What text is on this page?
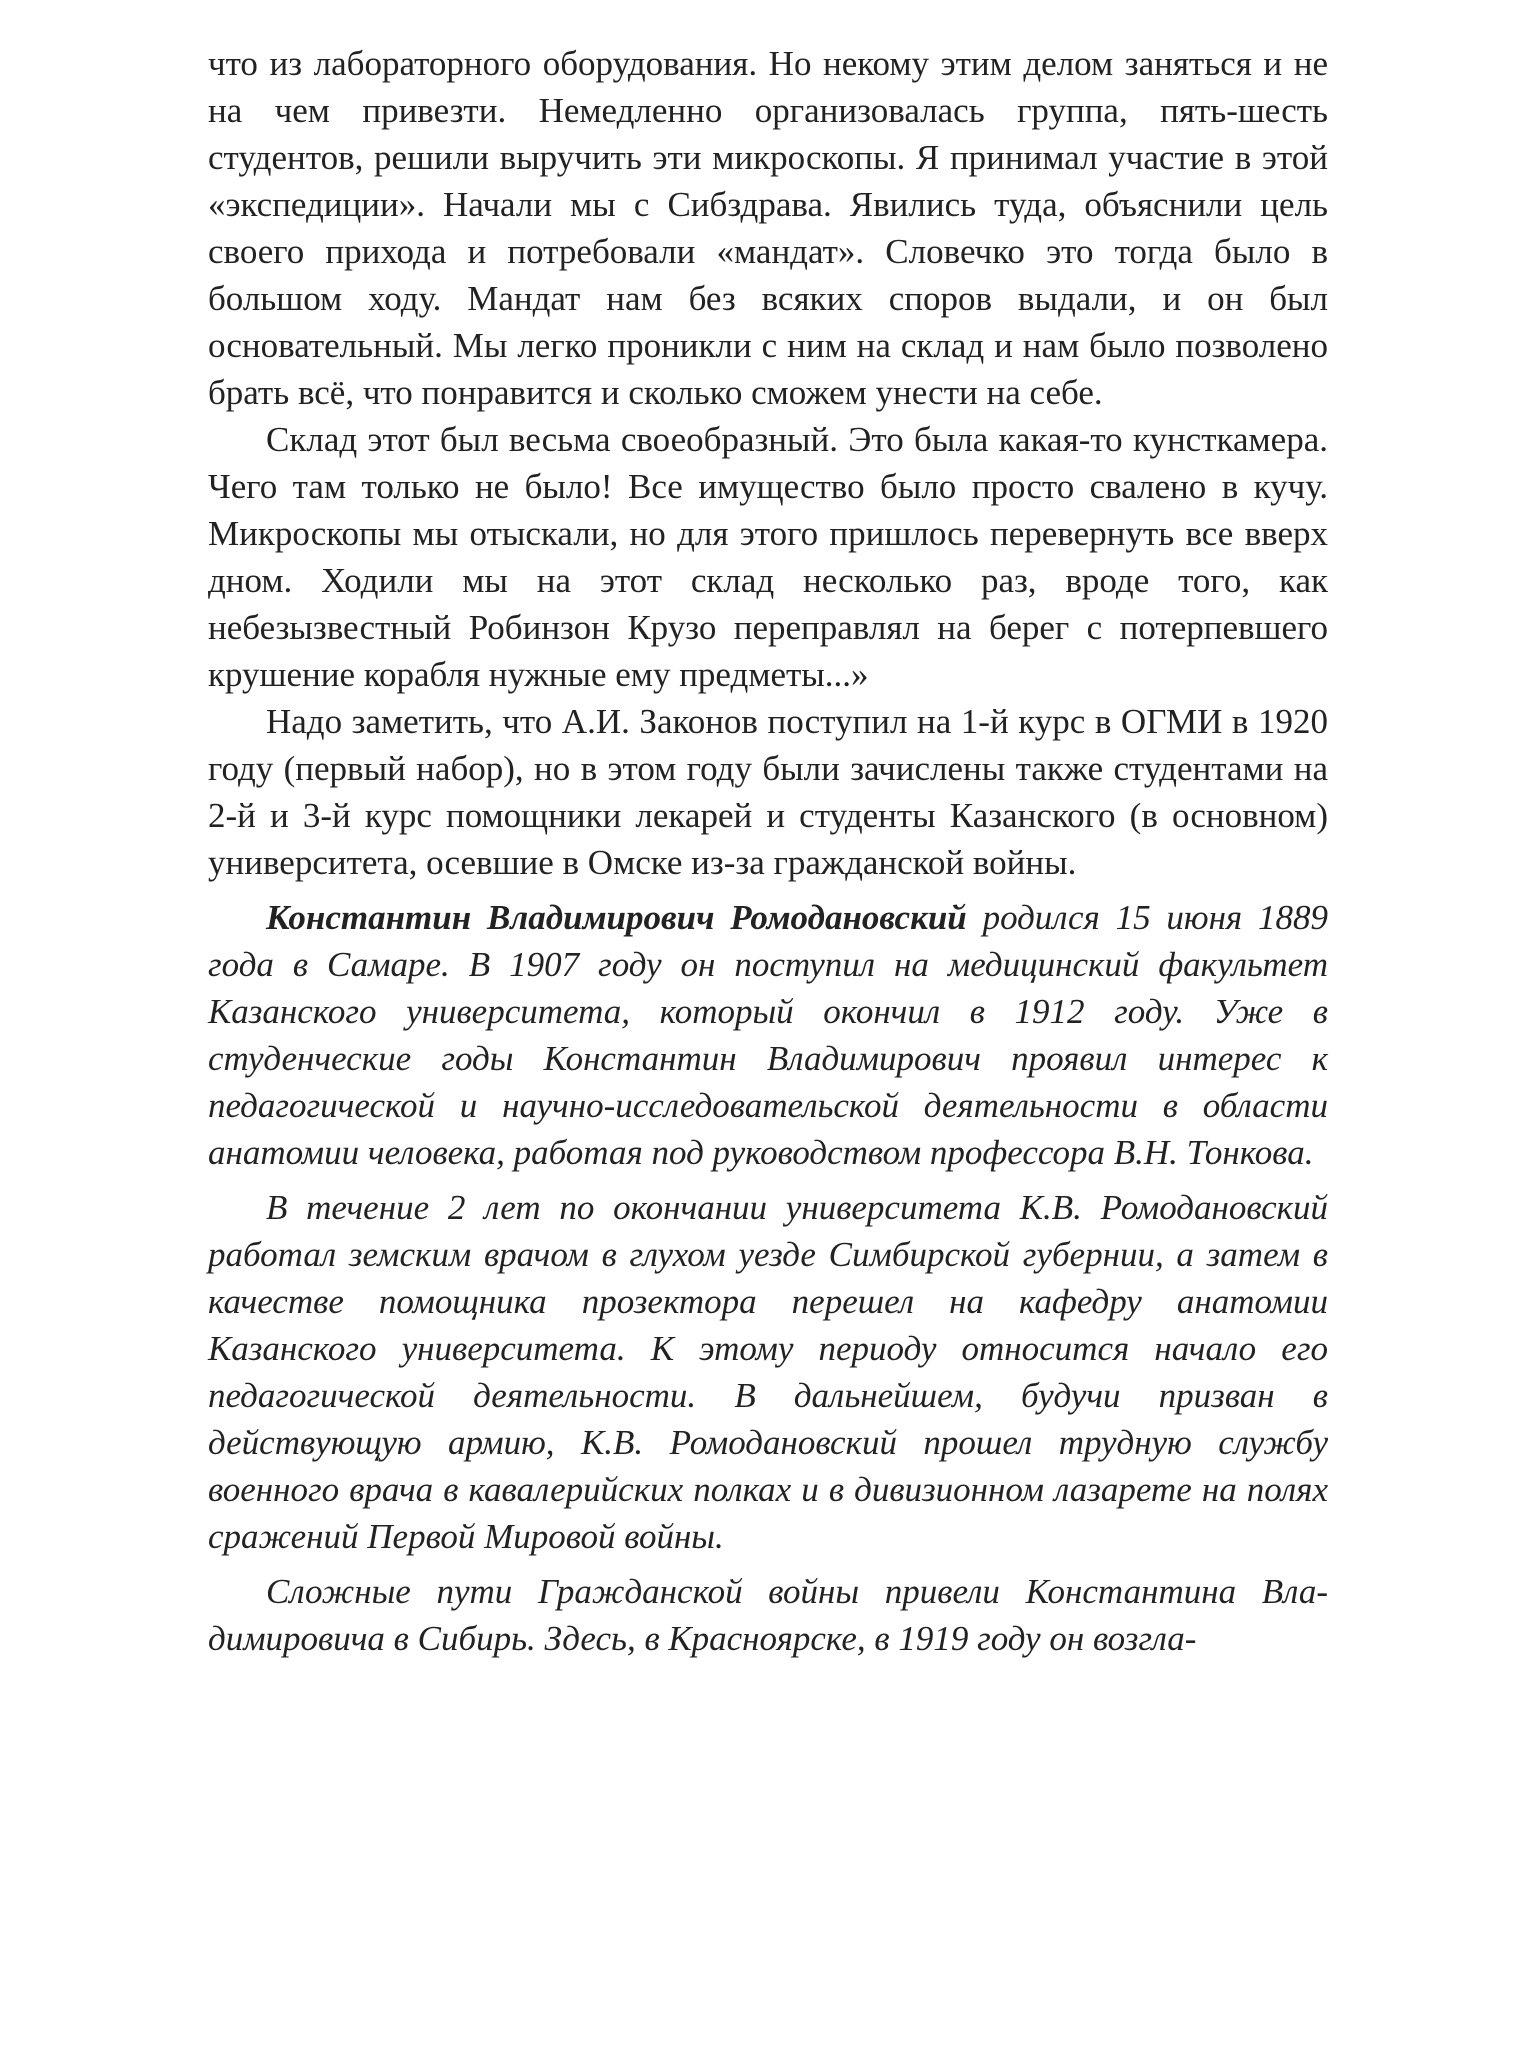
что из лабораторного оборудования. Но некому этим делом заняться и не на чем привезти. Немедленно организовалась группа, пять-шесть студентов, решили выручить эти микроскопы. Я принимал участие в этой «экспедиции». Начали мы с Сибздрава. Явились туда, объяснили цель своего прихода и потребовали «мандат». Словечко это тогда было в большом ходу. Мандат нам без всяких споров выдали, и он был основательный. Мы легко проникли с ним на склад и нам было позволено брать всё, что понравится и сколько сможем унести на себе.

Склад этот был весьма своеобразный. Это была какая-то кунсткамера. Чего там только не было! Все имущество было просто свалено в кучу. Микроскопы мы отыскали, но для этого пришлось перевернуть все вверх дном. Ходили мы на этот склад несколько раз, вроде того, как небезызвестный Робинзон Крузо переправлял на берег с потерпевшего крушение корабля нужные ему предметы...»

Надо заметить, что А.И. Законов поступил на 1-й курс в ОГМИ в 1920 году (первый набор), но в этом году были зачислены также студентами на 2-й и 3-й курс помощники лекарей и студенты Казанского (в основном) университета, осевшие в Омске из-за гражданской войны.

Константин Владимирович Ромодановский родился 15 июня 1889 года в Самаре. В 1907 году он поступил на медицинский факультет Казанского университета, который окончил в 1912 году. Уже в студенческие годы Константин Владимирович проявил интерес к педагогической и научно-исследовательской деятельности в области анатомии человека, работая под руководством профессора В.Н. Тонкова.

В течение 2 лет по окончании университета К.В. Ромодановский работал земским врачом в глухом уезде Симбирской губернии, а затем в качестве помощника прозектора перешел на кафедру анатомии Казанского университета. К этому периоду относится начало его педагогической деятельности. В дальнейшем, будучи призван в действующую армию, К.В. Ромодановский прошел трудную службу военного врача в кавалерийских полках и в дивизионном лазарете на полях сражений Первой Мировой войны.

Сложные пути Гражданской войны привели Константина Владимировича в Сибирь. Здесь, в Красноярске, в 1919 году он возгла-
